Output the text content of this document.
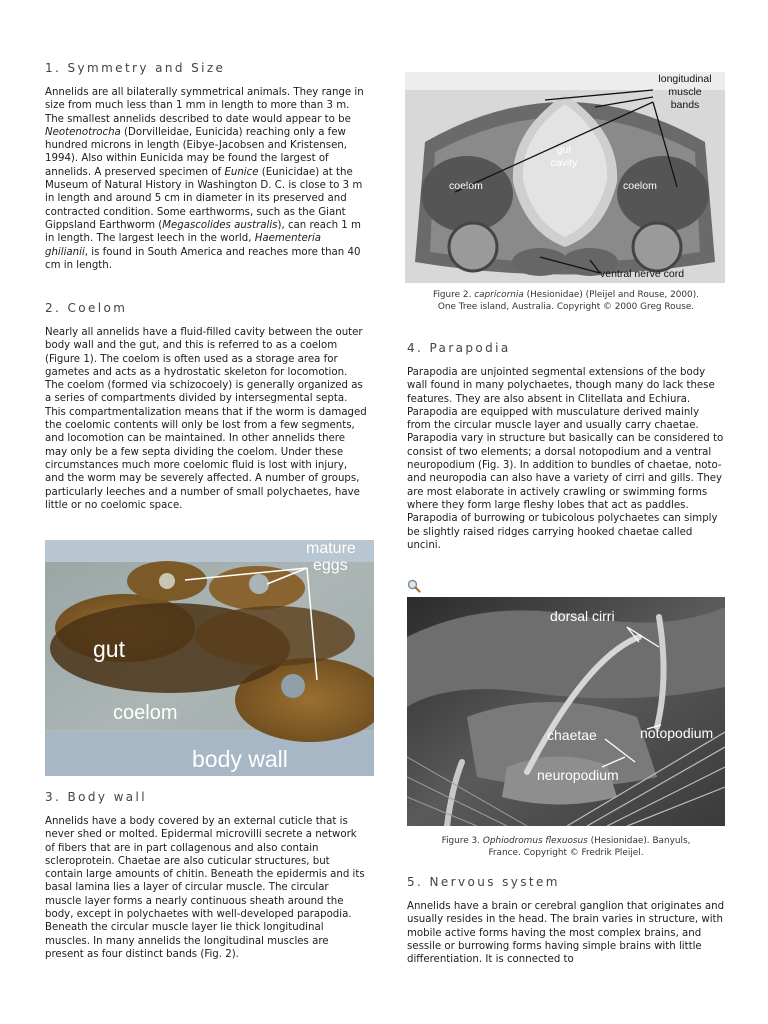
1. Symmetry and Size

Annelids are all bilaterally symmetrical animals. They range in size from much less than 1 mm in length to more than 3 m. The smallest annelids described to date would appear to be Neotenotrocha (Dorvilleidae, Eunicida) reaching only a few hundred microns in length (Eibye-Jacobsen and Kristensen, 1994). Also within Eunicida may be found the largest of annelids. A preserved specimen of Eunice (Eunicidae) at the Museum of Natural History in Washington D. C. is close to 3 m in length and around 5 cm in diameter in its preserved and contracted condition. Some earthworms, such as the Giant Gippsland Earthworm (Megascolides australis), can reach 1 m in length. The largest leech in the world, Haementeria ghilianii, is found in South America and reaches more than 40 cm in length.

2. Coelom

Nearly all annelids have a fluid-filled cavity between the outer body wall and the gut, and this is referred to as a coelom (Figure 1). The coelom is often used as a storage area for gametes and acts as a hydrostatic skeleton for locomotion. The coelom (formed via schizocoely) is generally organized as a series of compartments divided by intersegmental septa. This compartmentalization means that if the worm is damaged the coelomic contents will only be lost from a few segments, and locomotion can be maintained. In other annelids there may only be a few septa dividing the coelom. Under these circumstances much more coelomic fluid is lost with injury, and the worm may be severely affected. A number of groups, particularly leeches and a number of small polychaetes, have little or no coelomic space.

mature
eggs
gut
coelom
body wall
3. Body wall

Annelids have a body covered by an external cuticle that is never shed or molted. Epidermal microvilli secrete a network of fibers that are in part collagenous and also contain scleroprotein. Chaetae are also cuticular structures, but contain large amounts of chitin. Beneath the epidermis and its basal lamina lies a layer of circular muscle. The circular muscle layer forms a nearly continuous sheath around the body, except in polychaetes with well-developed parapodia. Beneath the circular muscle layer lie thick longitudinal muscles. In many annelids the longitudinal muscles are present as four distinct bands (Fig. 2).

longitudinal
muscle
bands
gut
cavity
coelom	coelom
ventral nerve cord
Figure 2. capricornia (Hesionidae) (Pleijel and Rouse, 2000). One Tree island, Australia. Copyright © 2000 Greg Rouse.
4. Parapodia

Parapodia are unjointed segmental extensions of the body wall found in many polychaetes, though many do lack these features. They are also absent in Clitellata and Echiura. Parapodia are equipped with musculature derived mainly from the circular muscle layer and usually carry chaetae. Parapodia vary in structure but basically can be considered to consist of two elements; a dorsal notopodium and a ventral neuropodium (Fig. 3). In addition to bundles of chaetae, noto- and neuropodia can also have a variety of cirri and gills. They are most elaborate in actively crawling or swimming forms where they form large fleshy lobes that act as paddles. Parapodia of burrowing or tubicolous polychaetes can simply be slightly raised ridges carrying hooked chaetae called uncini.

dorsal cirri
chaetae	notopodium
neuropodium
Figure 3. Ophiodromus flexuosus (Hesionidae). Banyuls, France. Copyright © Fredrik Pleijel.
5. Nervous system

Annelids have a brain or cerebral ganglion that originates and usually resides in the head. The brain varies in structure, with mobile active forms having the most complex brains, and sessile or burrowing forms having simple brains with little differentiation. It is connected to
